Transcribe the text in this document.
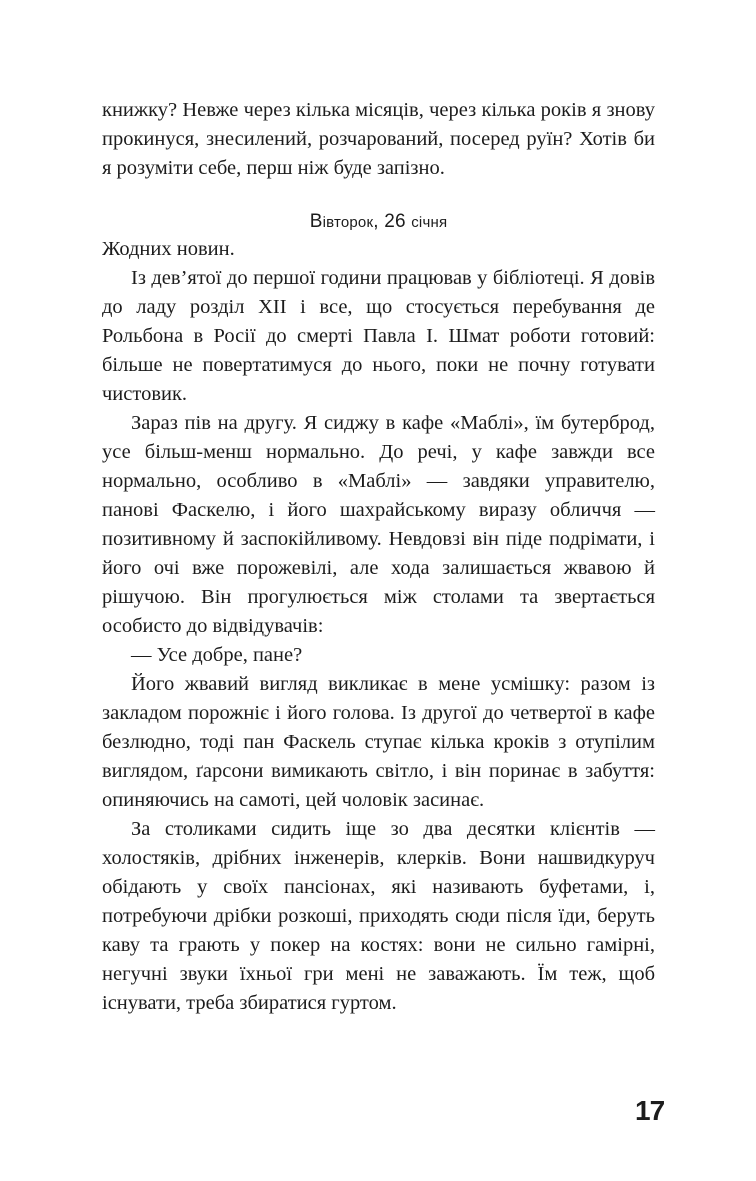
книжку? Невже через кілька місяців, через кілька років я знову прокинуся, знесилений, розчарований, посеред руїн? Хотів би я розуміти себе, перш ніж буде запізно.

Вівторок, 26 січня

Жодних новин.

Із дев’ятої до першої години працював у бібліотеці. Я довів до ладу розділ XII і все, що стосується перебування де Рольбона в Росії до смерті Павла I. Шмат роботи готовий: більше не повертатимуся до нього, поки не почну готувати чистовик.

Зараз пів на другу. Я сиджу в кафе «Маблі», їм бутерброд, усе більш-менш нормально. До речі, у кафе завжди все нормально, особливо в «Маблі» — завдяки управителю, панові Фаскелю, і його шахрайському виразу обличчя — позитивному й заспокійливому. Невдовзі він піде подрімати, і його очі вже порожевілі, але хода залишається жвавою й рішучою. Він прогулюється між столами та звертається особисто до відвідувачів:

— Усе добре, пане?

Його жвавий вигляд викликає в мене усмішку: разом із закладом порожніє і його голова. Із другої до четвертої в кафе безлюдно, тоді пан Фаскель ступає кілька кроків з отупілим виглядом, ґарсони вимикають світло, і він поринає в забуття: опиняючись на самоті, цей чоловік засинає.

За столиками сидить іще зо два десятки клієнтів — холостяків, дрібних інженерів, клерків. Вони нашвидкуруч обідають у своїх пансіонах, які називають буфетами, і, потребуючи дрібки розкоші, приходять сюди після їди, беруть каву та грають у покер на костях: вони не сильно гамірні, негучні звуки їхньої гри мені не заважають. Їм теж, щоб існувати, треба збиратися гуртом.

17
